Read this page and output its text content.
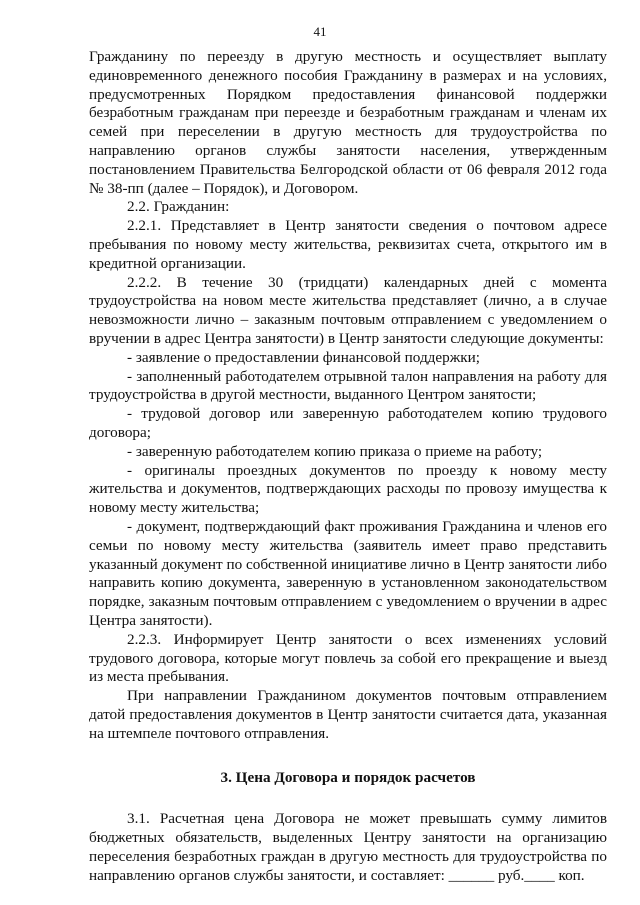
41

Гражданину по переезду в другую местность и осуществляет выплату единовременного денежного пособия Гражданину в размерах и на условиях, предусмотренных Порядком предоставления финансовой поддержки безработным гражданам при переезде и безработным гражданам и членам их семей при переселении в другую местность для трудоустройства по направлению органов службы занятости населения, утвержденным постановлением Правительства Белгородской области от 06 февраля 2012 года № 38-пп (далее – Порядок), и Договором.

2.2. Гражданин:

2.2.1. Представляет в Центр занятости сведения о почтовом адресе пребывания по новому месту жительства, реквизитах счета, открытого им в кредитной организации.

2.2.2. В течение 30 (тридцати) календарных дней с момента трудоустройства на новом месте жительства представляет (лично, а в случае невозможности лично – заказным почтовым отправлением с уведомлением о вручении в адрес Центра занятости) в Центр занятости следующие документы:

- заявление о предоставлении финансовой поддержки;

- заполненный работодателем отрывной талон направления на работу для трудоустройства в другой местности, выданного Центром занятости;

- трудовой договор или заверенную работодателем копию трудового договора;

- заверенную работодателем копию приказа о приеме на работу;

- оригиналы проездных документов по проезду к новому месту жительства и документов, подтверждающих расходы по провозу имущества к новому месту жительства;

- документ, подтверждающий факт проживания Гражданина и членов его семьи по новому месту жительства (заявитель имеет право представить указанный документ по собственной инициативе лично в Центр занятости либо направить копию документа, заверенную в установленном законодательством порядке, заказным почтовым отправлением с уведомлением о вручении в адрес Центра занятости).

2.2.3. Информирует Центр занятости о всех изменениях условий трудового договора, которые могут повлечь за собой его прекращение и выезд из места пребывания.

При направлении Гражданином документов почтовым отправлением датой предоставления документов в Центр занятости считается дата, указанная на штемпеле почтового отправления.

3. Цена Договора и порядок расчетов

3.1. Расчетная цена Договора не может превышать сумму лимитов бюджетных обязательств, выделенных Центру занятости на организацию переселения безработных граждан в другую местность для трудоустройства по направлению органов службы занятости, и составляет: ______ руб.____ коп.
